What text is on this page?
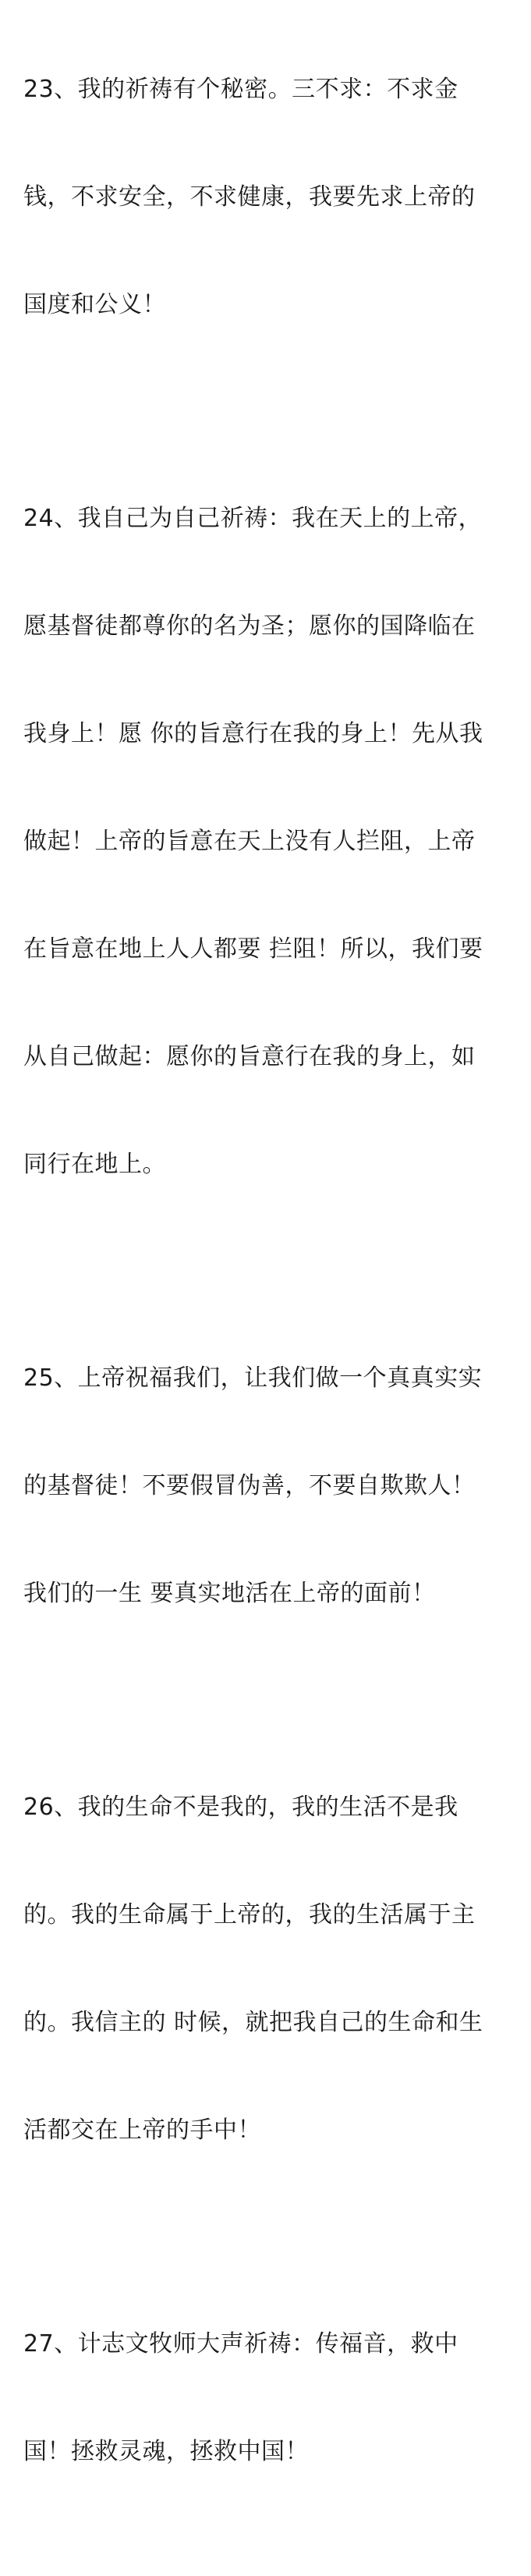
23、我的祈祷有个秘密。三不求：不求金

钱，不求安全，不求健康，我要先求上帝的

国度和公义！

24、我自己为自己祈祷：我在天上的上帝，

愿基督徒都尊你的名为圣；愿你的国降临在

我身上！愿 你的旨意行在我的身上！先从我

做起！上帝的旨意在天上没有人拦阻，上帝

在旨意在地上人人都要 拦阻！所以，我们要

从自己做起：愿你的旨意行在我的身上，如

同行在地上。

25、上帝祝福我们，让我们做一个真真实实

的基督徒！不要假冒伪善，不要自欺欺人！

我们的一生 要真实地活在上帝的面前！

26、我的生命不是我的，我的生活不是我

的。我的生命属于上帝的，我的生活属于主

的。我信主的 时候，就把我自己的生命和生

活都交在上帝的手中！

27、计志文牧师大声祈祷：传福音，救中

国！拯救灵魂，拯救中国！
